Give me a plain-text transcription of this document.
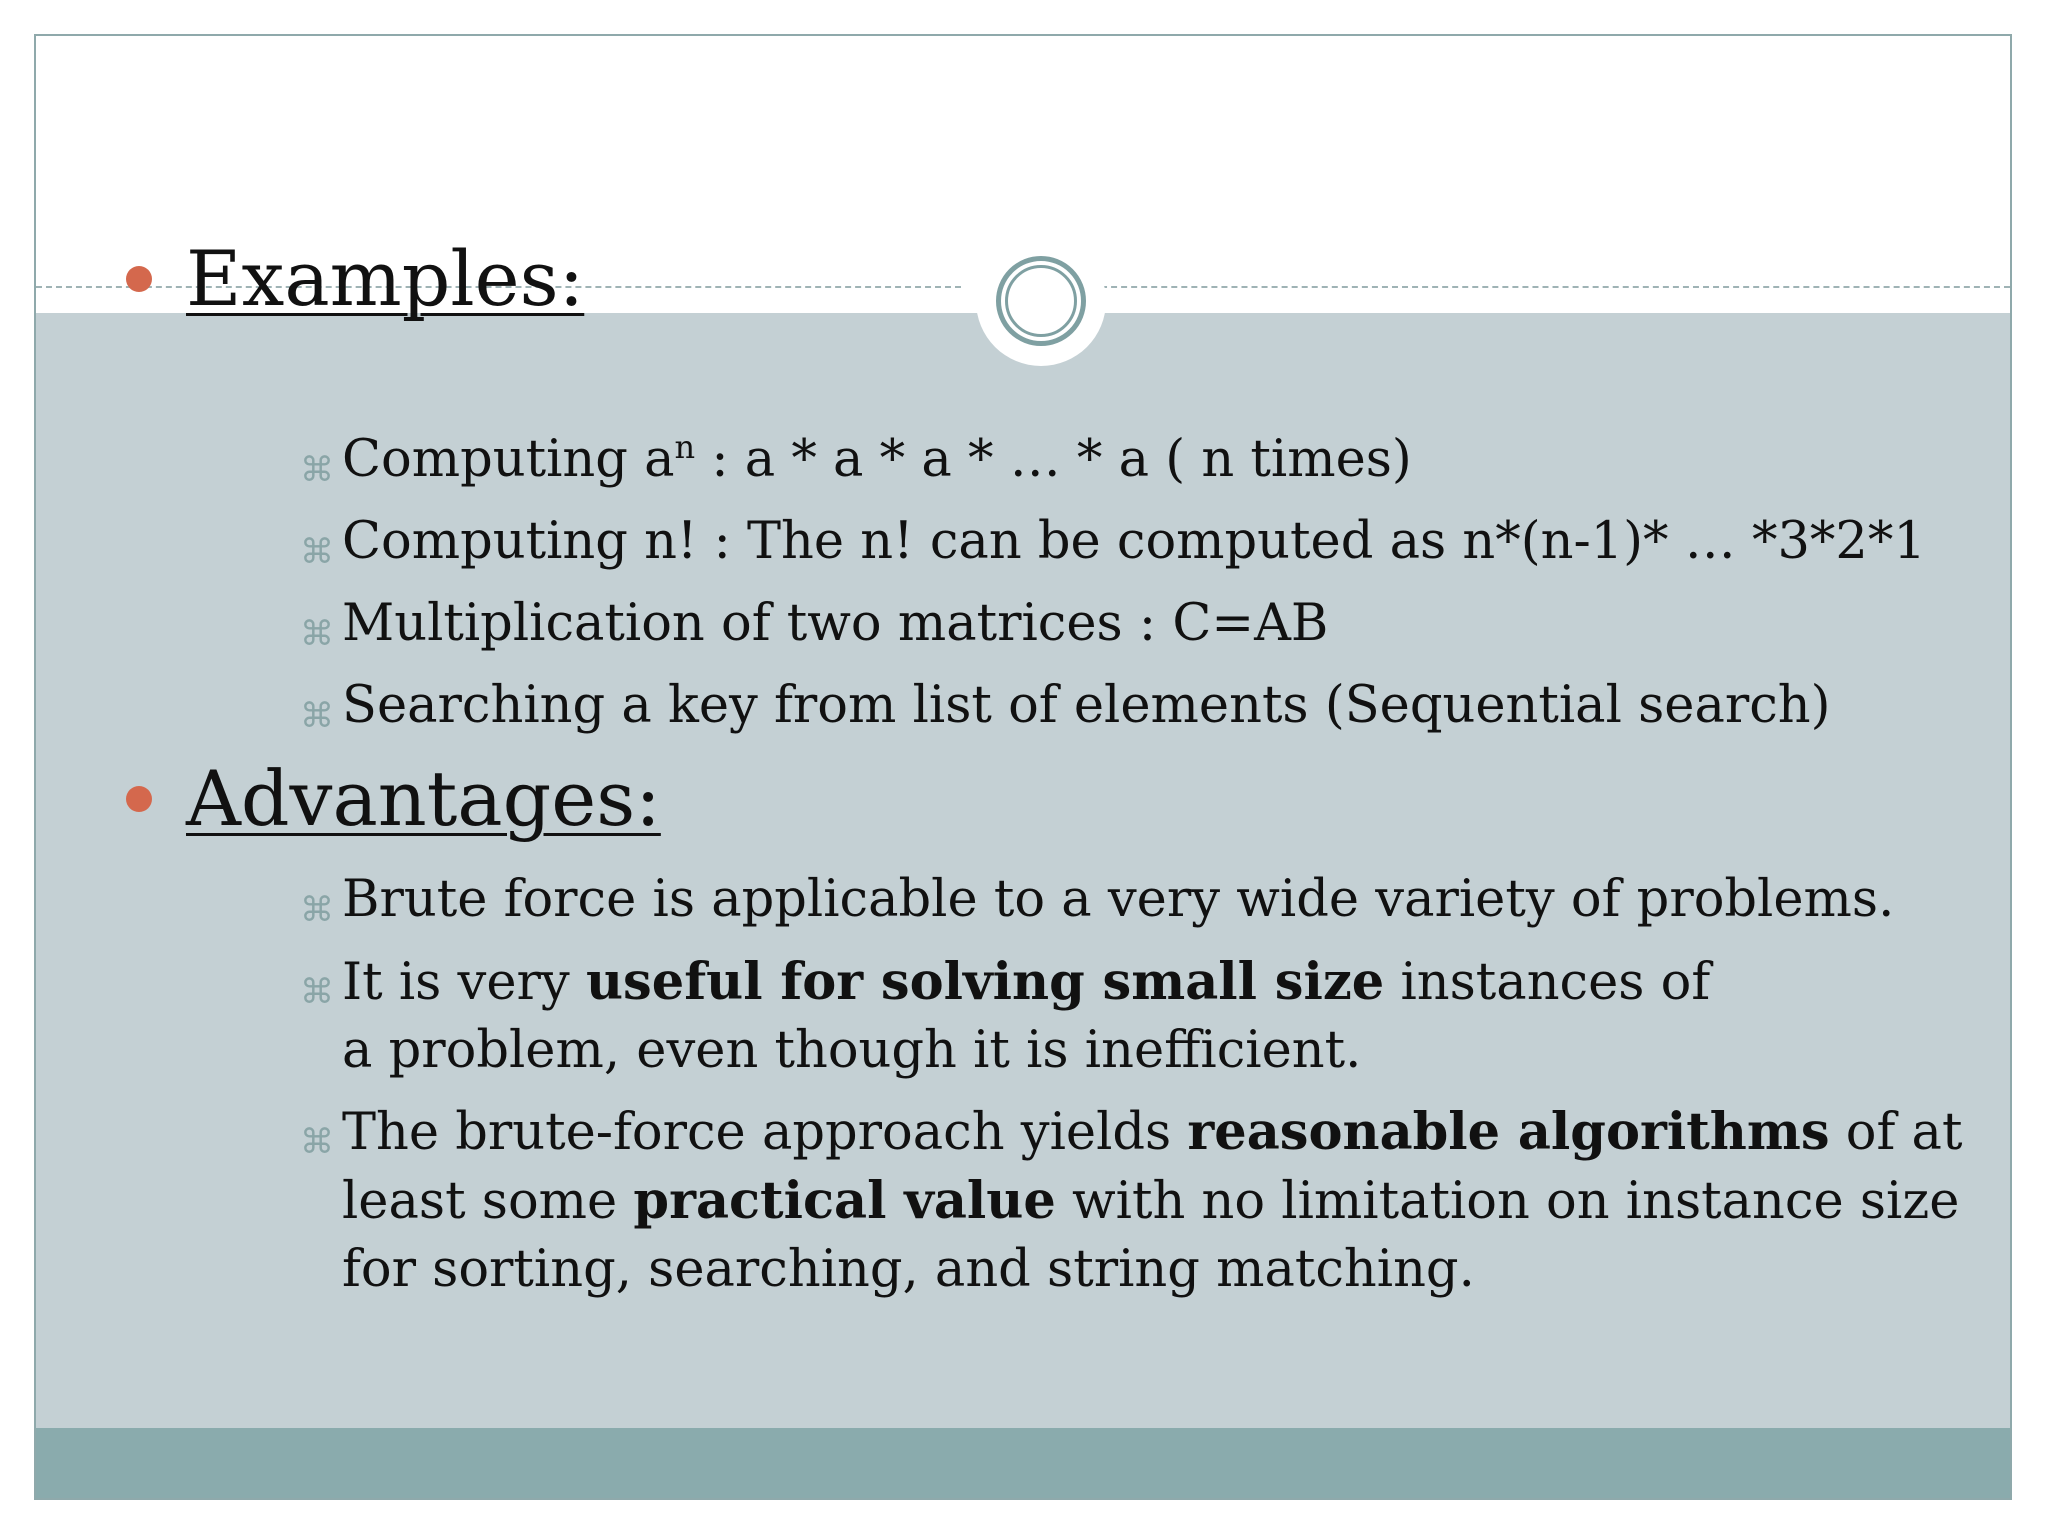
Examples:
⌘ Computing $a^n$ : a * a * a * … * a ( n times)
⌘ Computing n! : The n! can be computed as n*(n-1)* … *3*2*1
⌘ Multiplication of two matrices : C=AB
⌘ Searching a key from list of elements (Sequential search)
Advantages:
⌘ Brute force is applicable to a very wide variety of problems.
⌘ It is very useful for solving small size instances of a problem, even though it is inefficient.
⌘ The brute-force approach yields reasonable algorithms of at least some practical value with no limitation on instance size for sorting, searching, and string matching.
